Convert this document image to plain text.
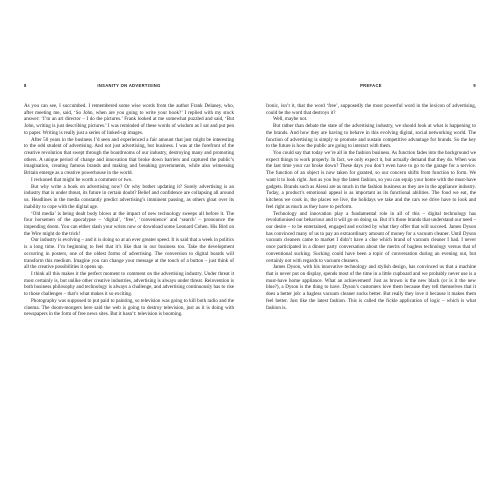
8	INSANITY ON ADVERTISING

As you can see, I succumbed. I remembered some wise words from the author Frank Delaney, who, after meeting me, said, ‘So John, when are you going to write your book?’ I replied with my stock answer: ‘I’m an art director – I do the pictures.’ Frank looked at me somewhat puzzled and said, ‘But John, writing is just describing pictures.’ I was reminded of these words of wisdom as I sat and put pen to paper. Writing is really just a series of linked-up images.

After 50 years in the business I’d seen and experienced a fair amount that just might be interesting to the odd student of advertising. And not just advertising, but business. I was at the forefront of the creative revolution that swept through the boardrooms of our industry, destroying many and promoting others. A unique period of change and innovation that broke down barriers and captured the public’s imagination, creating famous brands and making and breaking governments, while also witnessing Britain emerge as a creative powerhouse in the world.

I reckoned that might be worth a comment or two.

But why write a book on advertising now? Or why bother updating it? Surely advertising is an industry that is under threat, its future in certain doubt? Belief and confidence are collapsing all around us. Headlines in the media constantly predict advertising’s imminent passing, as others gloat over its inability to cope with the digital age.

‘Old media’ is being dealt body blows at the impact of new technology sweeps all before it. The four horsemen of the apocalypse – ‘digital’, ‘free’, ‘convenience’ and ‘search’ – pronounce the impending doom. You can either slash your wrists now or download some Leonard Cohen. His Bird on the Wire might do the trick!

Our industry is evolving – and it is doing so at an ever greater speed. It is said that a week in politics is a long time. I’m beginning to feel that it’s like that in our business too. Take the development occurring in posters, one of the oldest forms of advertising. The conversion to digital boards will transform this medium. Imagine you can change your message at the touch of a button – just think of all the creative possibilities it opens up.

I think all this makes it the perfect moment to comment on the advertising industry. Under threat it most certainly is, but unlike other creative industries, advertising is always under threat. Reinvention is both business philosophy and technology is always a challenge, and advertising continuously has to rise to those challenges – that’s what makes it so exciting.

Photography was supposed to put paid to painting, so television was going to kill both radio and the cinema. The doom-mongers here said the web is going to destroy television, just as it is doing with newspapers in the form of free news sites. But it hasn’t: television is booming.

PREFACE	9

Ironic, isn’t it, that the word ‘free’, supposedly the most powerful word in the lexicon of advertising, could be the word that destroys it?

Well, maybe not.

But rather than debate the state of the advertising industry, we should look at what is happening to the brands. And how they are having to behave in this evolving digital, social networking world. The function of advertising is simply to promote and sustain competitive advantage for brands. So the key to the future is how the public are going to interact with them.

You could say that today we’re all in the fashion business. As function fades into the background we expect things to work properly. In fact, we only expect it, but actually demand that they do. When was the last time your car broke down? These days you don’t even have to go to the garage for a service. The function of an object is now taken for granted, so our concern shifts from function to form. We want it to look right. Just as you buy the latest fashion, so you can equip your home with the must-have gadgets. Brands such as Alessi are as much in the fashion business as they are in the appliance industry. Today, a product’s emotional appeal is as important as its functional abilities. The food we eat, the kitchens we cook in, the places we live, the holidays we take and the cars we drive have to look and feel right as much as they have to perform.

Technology and innovation play a fundamental role in all of this – digital technology has revolutionised our behaviour and it will go on doing so. But it’s those brands that understand our need – our desire – to be entertained, engaged and excited by what they offer that will succeed. James Dyson has convinced many of us to pay an extraordinary amount of money for a vacuum cleaner. Until Dyson vacuum cleaners came to market I didn’t have a clue which brand of vacuum cleaner I had. I never once participated in a dinner party conversation about the merits of bagless technology versus that of conventional sucking. Sucking could have been a topic of conversation during an evening out, but certainly not with regards to vacuum cleaners.

James Dyson, with his innovative technology and stylish design, has convinced us that a machine that is never put on display, spends most of the time in a little cupboard and we probably never use is a must-have home appliance. What an achievement! Just as brown is the new black (or is it the new blue?), a Dyson is the thing to have. Dyson’s customers love them because they tell themselves that it does a better job: a bagless vacuum cleaner sucks better. But really they love it because it makes them feel better. Just like the latest fashion. This is called the fickle application of logic – which is what fashion is.
